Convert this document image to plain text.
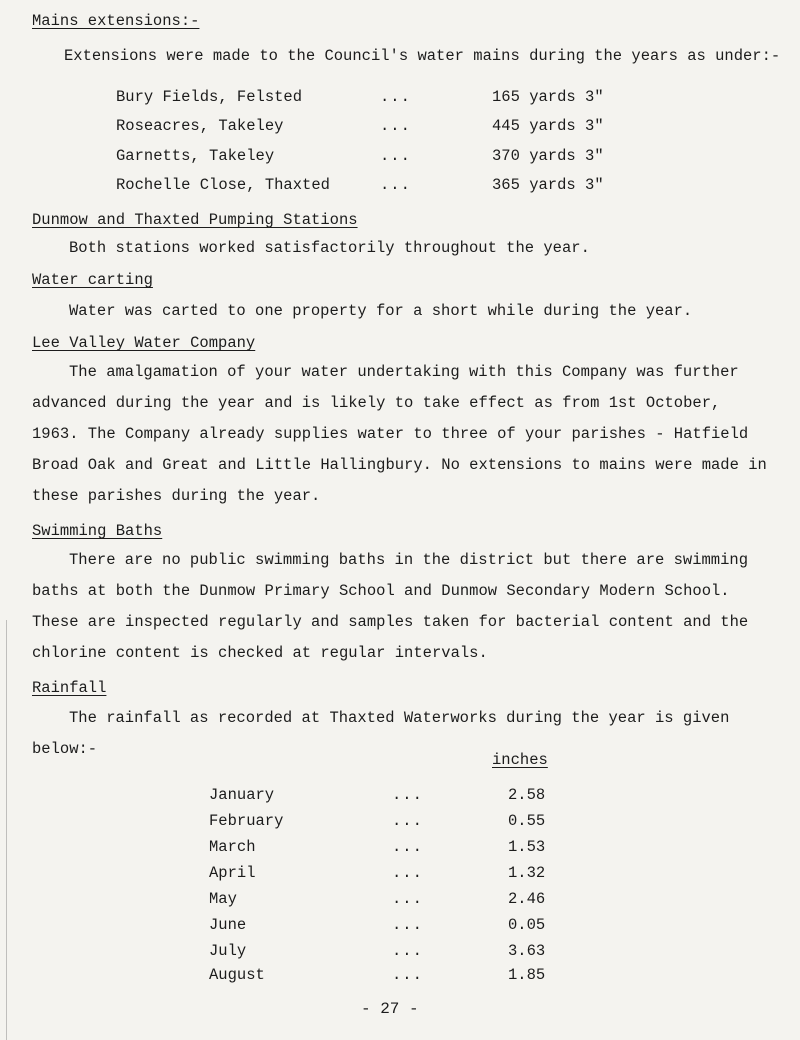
Mains extensions:-
Extensions were made to the Council's water mains during the years as under:-
Bury Fields, Felsted	...	165 yards 3"
Roseacres, Takeley	...	445 yards 3"
Garnetts, Takeley	...	370 yards 3"
Rochelle Close, Thaxted	...	365 yards 3"
Dunmow and Thaxted Pumping Stations
Both stations worked satisfactorily throughout the year.
Water carting
Water was carted to one property for a short while during the year.
Lee Valley Water Company
The amalgamation of your water undertaking with this Company was further advanced during the year and is likely to take effect as from 1st October, 1963. The Company already supplies water to three of your parishes - Hatfield Broad Oak and Great and Little Hallingbury. No extensions to mains were made in these parishes during the year.
Swimming Baths
There are no public swimming baths in the district but there are swimming baths at both the Dunmow Primary School and Dunmow Secondary Modern School. These are inspected regularly and samples taken for bacterial content and the chlorine content is checked at regular intervals.
Rainfall
The rainfall as recorded at Thaxted Waterworks during the year is given below:-
inches
January	...	2.58
February	...	0.55
March	...	1.53
April	...	1.32
May	...	2.46
June	...	0.05
July	...	3.63
August	...	1.85
- 27 -
